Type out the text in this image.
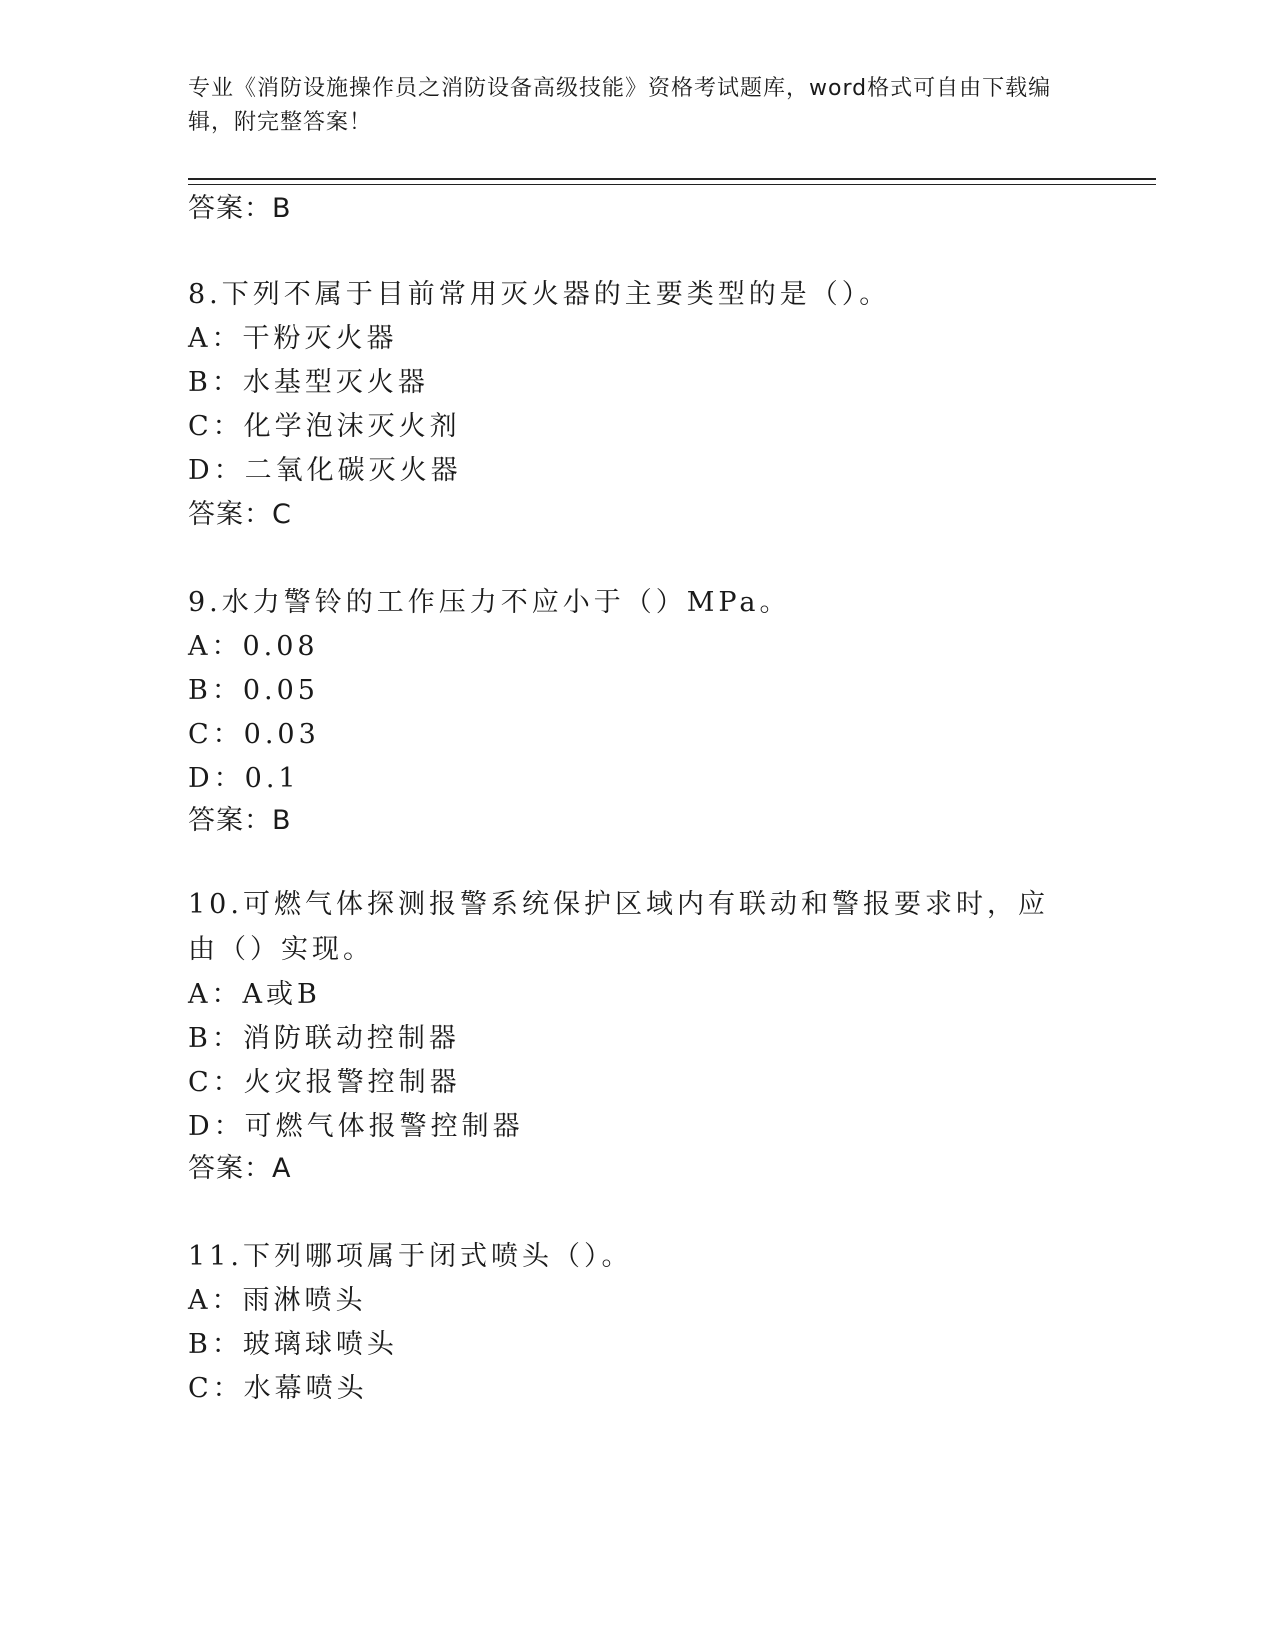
专业《消防设施操作员之消防设备高级技能》资格考试题库，word格式可自由下载编辑，附完整答案！
答案：B
8.下列不属于目前常用灭火器的主要类型的是（）。
A：干粉灭火器
B：水基型灭火器
C：化学泡沫灭火剂
D：二氧化碳灭火器
答案：C
9.水力警铃的工作压力不应小于（）MPa。
A：0.08
B：0.05
C：0.03
D：0.1
答案：B
10.可燃气体探测报警系统保护区域内有联动和警报要求时，应由（）实现。
A：A或B
B：消防联动控制器
C：火灾报警控制器
D：可燃气体报警控制器
答案：A
11.下列哪项属于闭式喷头（）。
A：雨淋喷头
B：玻璃球喷头
C：水幕喷头
